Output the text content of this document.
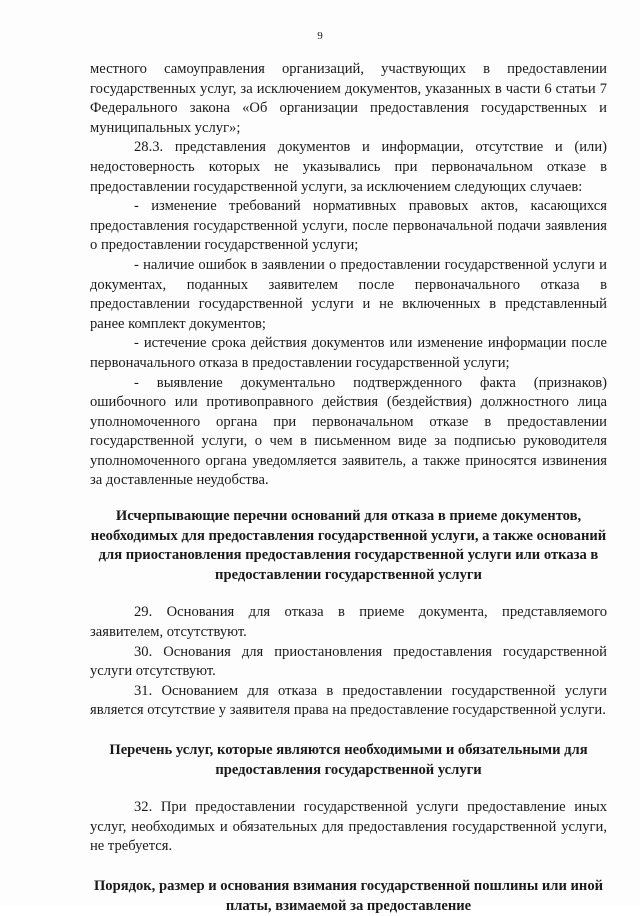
9

местного самоуправления организаций, участвующих в предоставлении государственных услуг, за исключением документов, указанных в части 6 статьи 7 Федерального закона «Об организации предоставления государственных и муниципальных услуг»;

28.3. представления документов и информации, отсутствие и (или) недостоверность которых не указывались при первоначальном отказе в предоставлении государственной услуги, за исключением следующих случаев:

- изменение требований нормативных правовых актов, касающихся предоставления государственной услуги, после первоначальной подачи заявления о предоставлении государственной услуги;

- наличие ошибок в заявлении о предоставлении государственной услуги и документах, поданных заявителем после первоначального отказа в предоставлении государственной услуги и не включенных в представленный ранее комплект документов;

- истечение срока действия документов или изменение информации после первоначального отказа в предоставлении государственной услуги;

- выявление документально подтвержденного факта (признаков) ошибочного или противоправного действия (бездействия) должностного лица уполномоченного органа при первоначальном отказе в предоставлении государственной услуги, о чем в письменном виде за подписью руководителя уполномоченного органа уведомляется заявитель, а также приносятся извинения за доставленные неудобства.

Исчерпывающие перечни оснований для отказа в приеме документов, необходимых для предоставления государственной услуги, а также оснований для приостановления предоставления государственной услуги или отказа в предоставлении государственной услуги

29. Основания для отказа в приеме документа, представляемого заявителем, отсутствуют.

30. Основания для приостановления предоставления государственной услуги отсутствуют.

31. Основанием для отказа в предоставлении государственной услуги является отсутствие у заявителя права на предоставление государственной услуги.

Перечень услуг, которые являются необходимыми и обязательными для предоставления государственной услуги

32. При предоставлении государственной услуги предоставление иных услуг, необходимых и обязательных для предоставления государственной услуги, не требуется.

Порядок, размер и основания взимания государственной пошлины или иной платы, взимаемой за предоставление
